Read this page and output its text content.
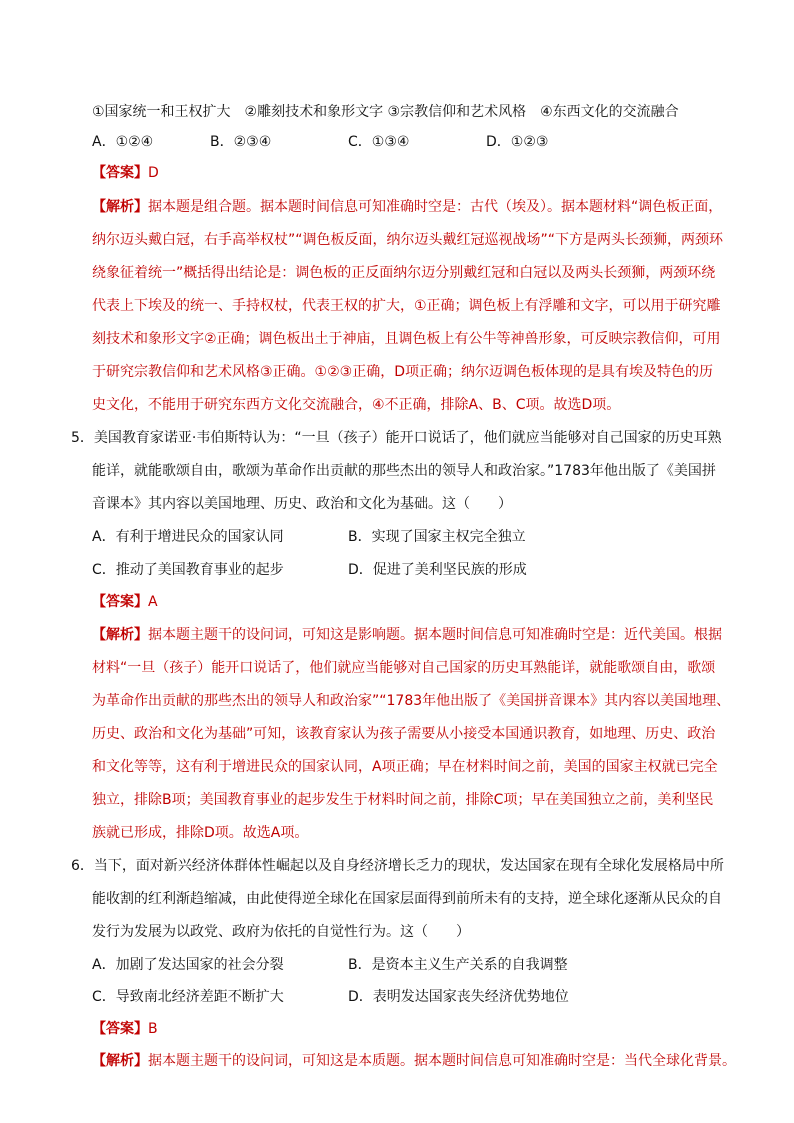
①国家统一和王权扩大　②雕刻技术和象形文字 ③宗教信仰和艺术风格　④东西文化的交流融合
A．①②④	B．②③④	C．①③④	D．①②③
【答案】D
【解析】据本题是组合题。据本题时间信息可知准确时空是：古代（埃及）。据本题材料“调色板正面，
纳尔迈头戴白冠，右手高举权杖”“调色板反面，纳尔迈头戴红冠巡视战场”“下方是两头长颈狮，两颈环
绕象征着统一”概括得出结论是：调色板的正反面纳尔迈分别戴红冠和白冠以及两头长颈狮，两颈环绕
代表上下埃及的统一、手持权杖，代表王权的扩大，①正确；调色板上有浮雕和文字，可以用于研究雕
刻技术和象形文字②正确；调色板出土于神庙，且调色板上有公牛等神兽形象，可反映宗教信仰，可用
于研究宗教信仰和艺术风格③正确。①②③正确，D项正确；纳尔迈调色板体现的是具有埃及特色的历
史文化，不能用于研究东西方文化交流融合，④不正确，排除A、B、C项。故选D项。
5．美国教育家诺亚·韦伯斯特认为：“一旦（孩子）能开口说话了，他们就应当能够对自己国家的历史耳熟
能详，就能歌颂自由，歌颂为革命作出贡献的那些杰出的领导人和政治家。”1783年他出版了《美国拼
音课本》其内容以美国地理、历史、政治和文化为基础。这（　　）
A．有利于增进民众的国家认同	B．实现了国家主权完全独立
C．推动了美国教育事业的起步	D．促进了美利坚民族的形成
【答案】A
【解析】据本题主题干的设问词，可知这是影响题。据本题时间信息可知准确时空是：近代美国。根据
材料“一旦（孩子）能开口说话了，他们就应当能够对自己国家的历史耳熟能详，就能歌颂自由，歌颂
为革命作出贡献的那些杰出的领导人和政治家”“1783年他出版了《美国拼音课本》其内容以美国地理、
历史、政治和文化为基础”可知，该教育家认为孩子需要从小接受本国通识教育，如地理、历史、政治
和文化等等，这有利于增进民众的国家认同，A项正确；早在材料时间之前，美国的国家主权就已完全
独立，排除B项；美国教育事业的起步发生于材料时间之前，排除C项；早在美国独立之前，美利坚民
族就已形成，排除D项。故选A项。
6．当下，面对新兴经济体群体性崛起以及自身经济增长乏力的现状，发达国家在现有全球化发展格局中所
能收割的红利渐趋缩减，由此使得逆全球化在国家层面得到前所未有的支持，逆全球化逐渐从民众的自
发行为发展为以政党、政府为依托的自觉性行为。这（　　）
A．加剧了发达国家的社会分裂	B．是资本主义生产关系的自我调整
C．导致南北经济差距不断扩大	D．表明发达国家丧失经济优势地位
【答案】B
【解析】据本题主题干的设问词，可知这是本质题。据本题时间信息可知准确时空是：当代全球化背景。
